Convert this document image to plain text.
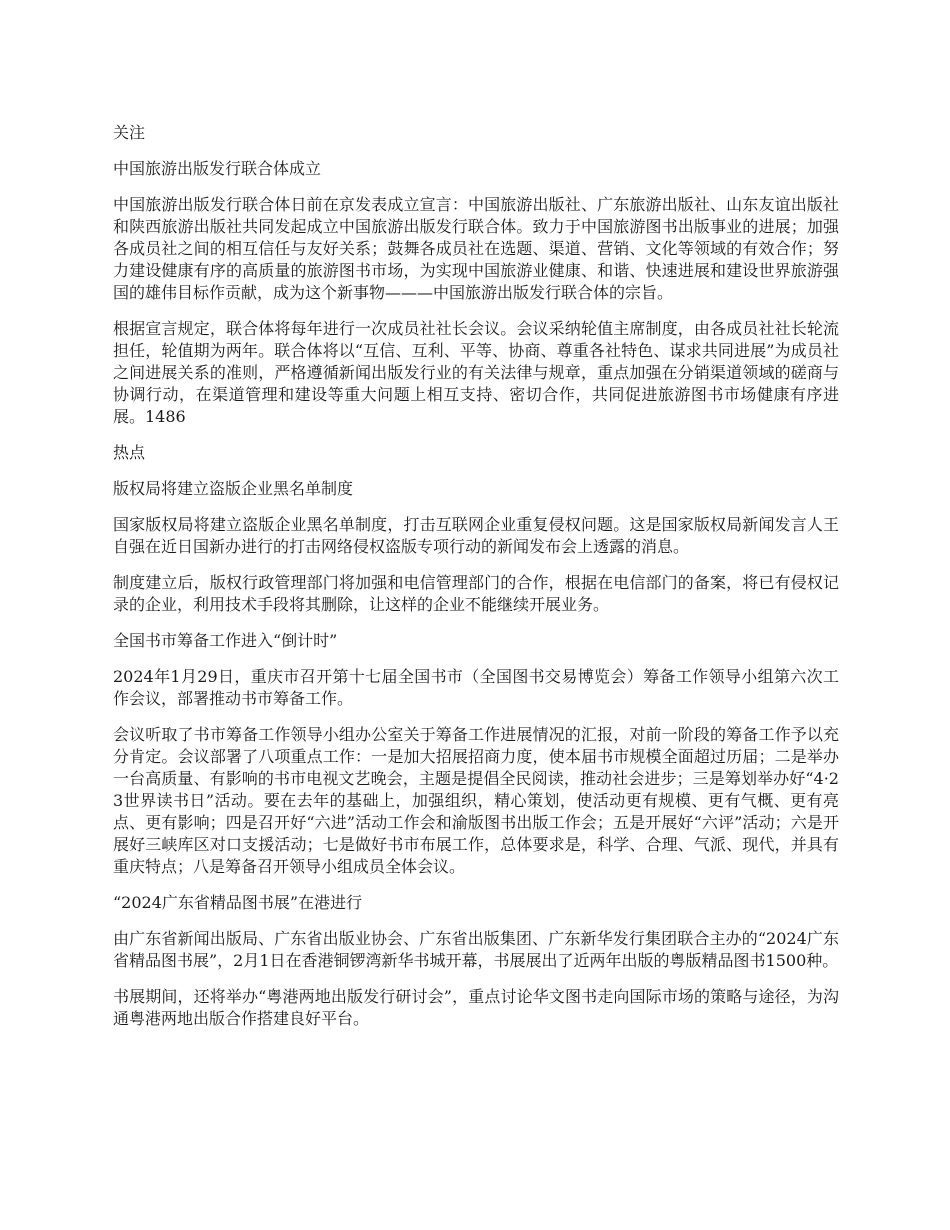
关注

中国旅游出版发行联合体成立

中国旅游出版发行联合体日前在京发表成立宣言：中国旅游出版社、广东旅游出版社、山东友谊出版社和陕西旅游出版社共同发起成立中国旅游出版发行联合体。致力于中国旅游图书出版事业的进展；加强各成员社之间的相互信任与友好关系；鼓舞各成员社在选题、渠道、营销、文化等领域的有效合作；努力建设健康有序的高质量的旅游图书市场，为实现中国旅游业健康、和谐、快速进展和建设世界旅游强国的雄伟目标作贡献，成为这个新事物———中国旅游出版发行联合体的宗旨。

根据宣言规定，联合体将每年进行一次成员社社长会议。会议采纳轮值主席制度，由各成员社社长轮流担任，轮值期为两年。联合体将以“互信、互利、平等、协商、尊重各社特色、谋求共同进展”为成员社之间进展关系的准则，严格遵循新闻出版发行业的有关法律与规章，重点加强在分销渠道领域的磋商与协调行动，在渠道管理和建设等重大问题上相互支持、密切合作，共同促进旅游图书市场健康有序进展。1486

热点

版权局将建立盗版企业黑名单制度

国家版权局将建立盗版企业黑名单制度，打击互联网企业重复侵权问题。这是国家版权局新闻发言人王自强在近日国新办进行的打击网络侵权盗版专项行动的新闻发布会上透露的消息。

制度建立后，版权行政管理部门将加强和电信管理部门的合作，根据在电信部门的备案，将已有侵权记录的企业，利用技术手段将其删除，让这样的企业不能继续开展业务。

全国书市筹备工作进入“倒计时”

2024年1月29日，重庆市召开第十七届全国书市（全国图书交易博览会）筹备工作领导小组第六次工作会议，部署推动书市筹备工作。

会议听取了书市筹备工作领导小组办公室关于筹备工作进展情况的汇报，对前一阶段的筹备工作予以充分肯定。会议部署了八项重点工作：一是加大招展招商力度，使本届书市规模全面超过历届；二是举办一台高质量、有影响的书市电视文艺晚会，主题是提倡全民阅读，推动社会进步；三是筹划举办好“4·23世界读书日”活动。要在去年的基础上，加强组织，精心策划，使活动更有规模、更有气概、更有亮点、更有影响；四是召开好“六进”活动工作会和渝版图书出版工作会；五是开展好“六评”活动；六是开展好三峡库区对口支援活动；七是做好书市布展工作，总体要求是，科学、合理、气派、现代，并具有重庆特点；八是筹备召开领导小组成员全体会议。

“2024广东省精品图书展”在港进行

由广东省新闻出版局、广东省出版业协会、广东省出版集团、广东新华发行集团联合主办的“2024广东省精品图书展”，2月1日在香港铜锣湾新华书城开幕，书展展出了近两年出版的粤版精品图书1500种。

书展期间，还将举办“粤港两地出版发行研讨会”，重点讨论华文图书走向国际市场的策略与途径，为沟通粤港两地出版合作搭建良好平台。
